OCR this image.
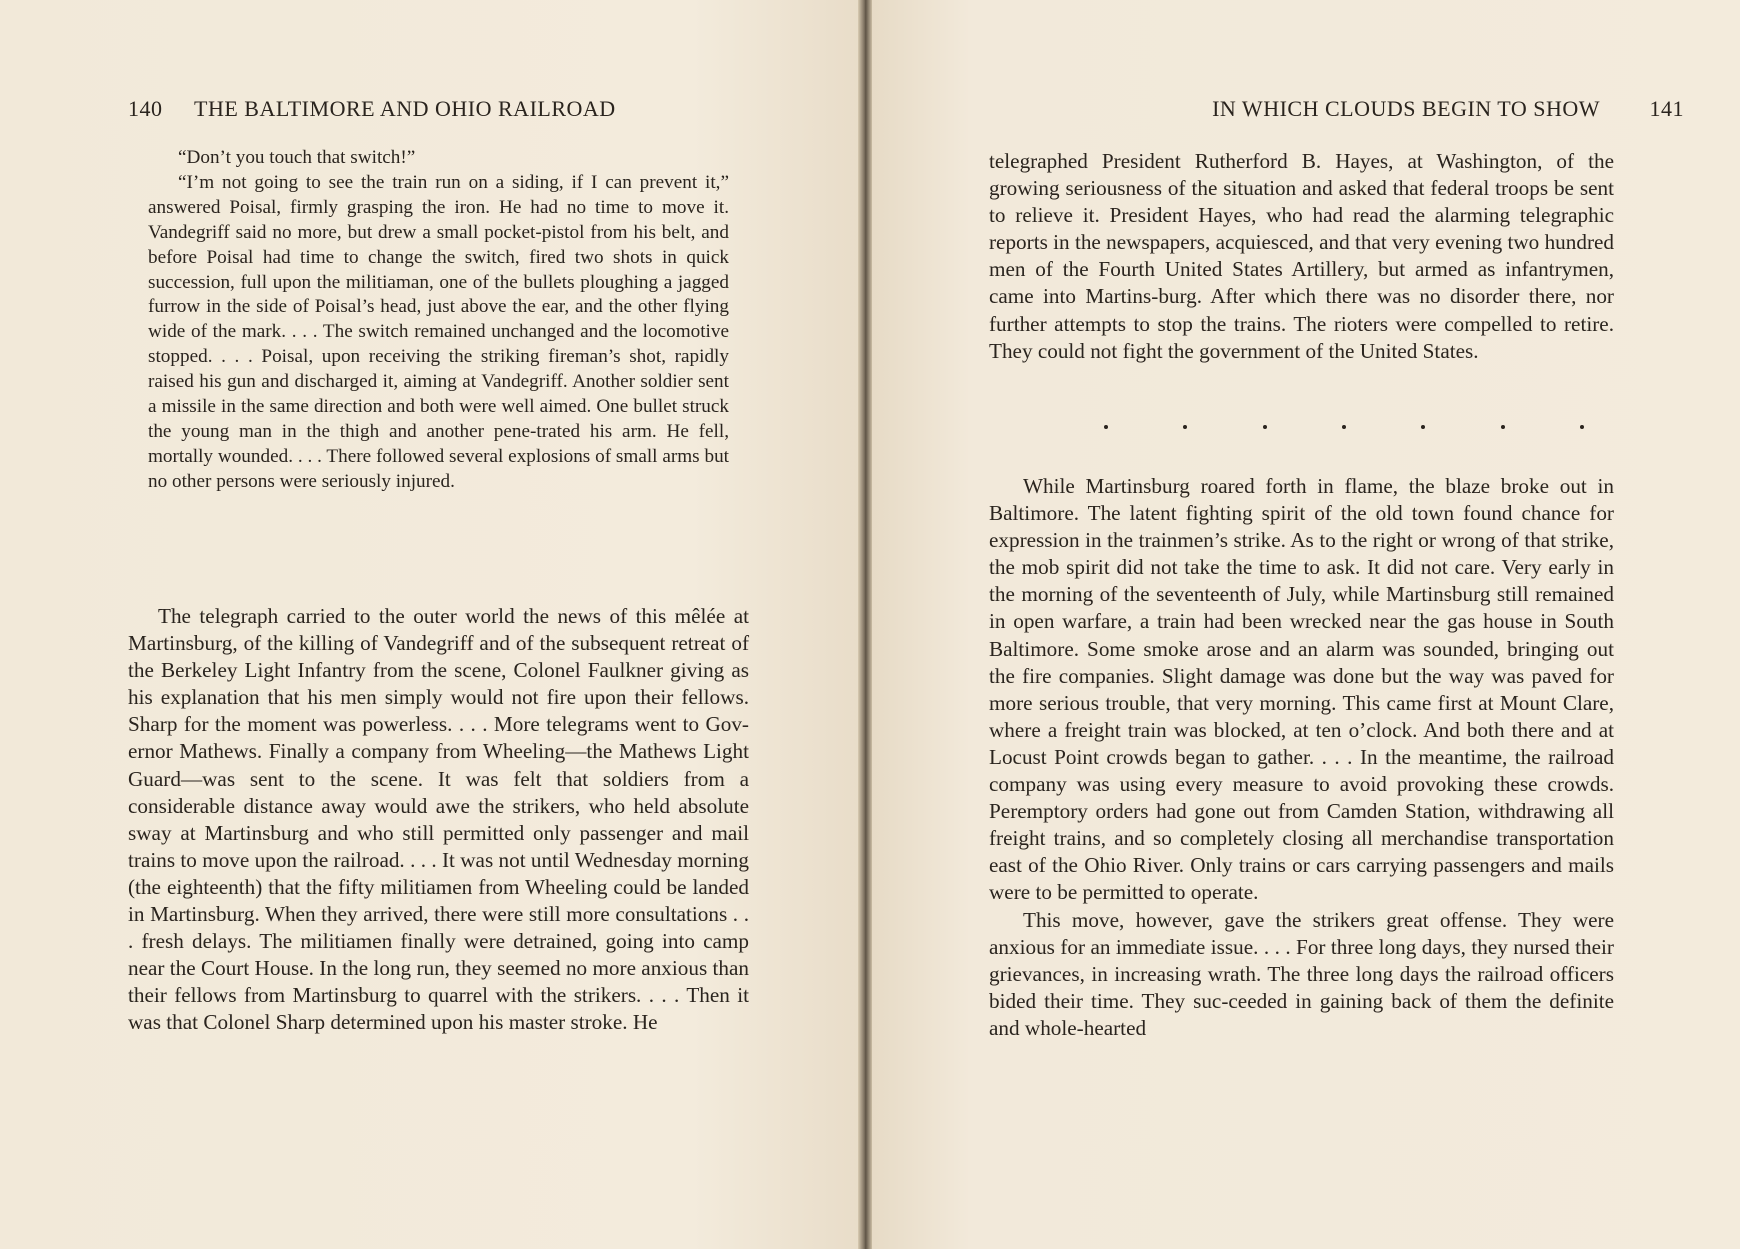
140 THE BALTIMORE AND OHIO RAILROAD

“Don’t you touch that switch!”

“I’m not going to see the train run on a siding, if I can prevent it,” answered Poisal, firmly grasping the iron. He had no time to move it. Vandegriff said no more, but drew a small pocket-pistol from his belt, and before Poisal had time to change the switch, fired two shots in quick succession, full upon the militiaman, one of the bullets ploughing a jagged furrow in the side of Poisal’s head, just above the ear, and the other flying wide of the mark. . . . The switch remained unchanged and the locomotive stopped. . . . Poisal, upon receiving the striking fireman’s shot, rapidly raised his gun and discharged it, aiming at Vandegriff. Another soldier sent a missile in the same direction and both were well aimed. One bullet struck the young man in the thigh and another pene-trated his arm. He fell, mortally wounded. . . . There followed several explosions of small arms but no other persons were seriously injured.

The telegraph carried to the outer world the news of this mêlée at Martinsburg, of the killing of Vandegriff and of the subsequent retreat of the Berkeley Light Infantry from the scene, Colonel Faulkner giving as his explanation that his men simply would not fire upon their fellows. Sharp for the moment was powerless. . . . More telegrams went to Gov-ernor Mathews. Finally a company from Wheeling—the Mathews Light Guard—was sent to the scene. It was felt that soldiers from a considerable distance away would awe the strikers, who held absolute sway at Martinsburg and who still permitted only passenger and mail trains to move upon the railroad. . . . It was not until Wednesday morning (the eighteenth) that the fifty militiamen from Wheeling could be landed in Martinsburg. When they arrived, there were still more consultations . . . fresh delays. The militiamen finally were detrained, going into camp near the Court House. In the long run, they seemed no more anxious than their fellows from Martinsburg to quarrel with the strikers. . . . Then it was that Colonel Sharp determined upon his master stroke. He

IN WHICH CLOUDS BEGIN TO SHOW 141

telegraphed President Rutherford B. Hayes, at Washington, of the growing seriousness of the situation and asked that federal troops be sent to relieve it. President Hayes, who had read the alarming telegraphic reports in the newspapers, acquiesced, and that very evening two hundred men of the Fourth United States Artillery, but armed as infantrymen, came into Martins-burg. After which there was no disorder there, nor further attempts to stop the trains. The rioters were compelled to retire. They could not fight the government of the United States.

While Martinsburg roared forth in flame, the blaze broke out in Baltimore. The latent fighting spirit of the old town found chance for expression in the trainmen’s strike. As to the right or wrong of that strike, the mob spirit did not take the time to ask. It did not care. Very early in the morning of the seventeenth of July, while Martinsburg still remained in open warfare, a train had been wrecked near the gas house in South Baltimore. Some smoke arose and an alarm was sounded, bringing out the fire companies. Slight damage was done but the way was paved for more serious trouble, that very morning. This came first at Mount Clare, where a freight train was blocked, at ten o’clock. And both there and at Locust Point crowds began to gather. . . . In the meantime, the railroad company was using every measure to avoid provoking these crowds. Peremptory orders had gone out from Camden Station, withdrawing all freight trains, and so completely closing all merchandise transportation east of the Ohio River. Only trains or cars carrying passengers and mails were to be permitted to operate.

This move, however, gave the strikers great offense. They were anxious for an immediate issue. . . . For three long days, they nursed their grievances, in increasing wrath. The three long days the railroad officers bided their time. They suc-ceeded in gaining back of them the definite and whole-hearted
